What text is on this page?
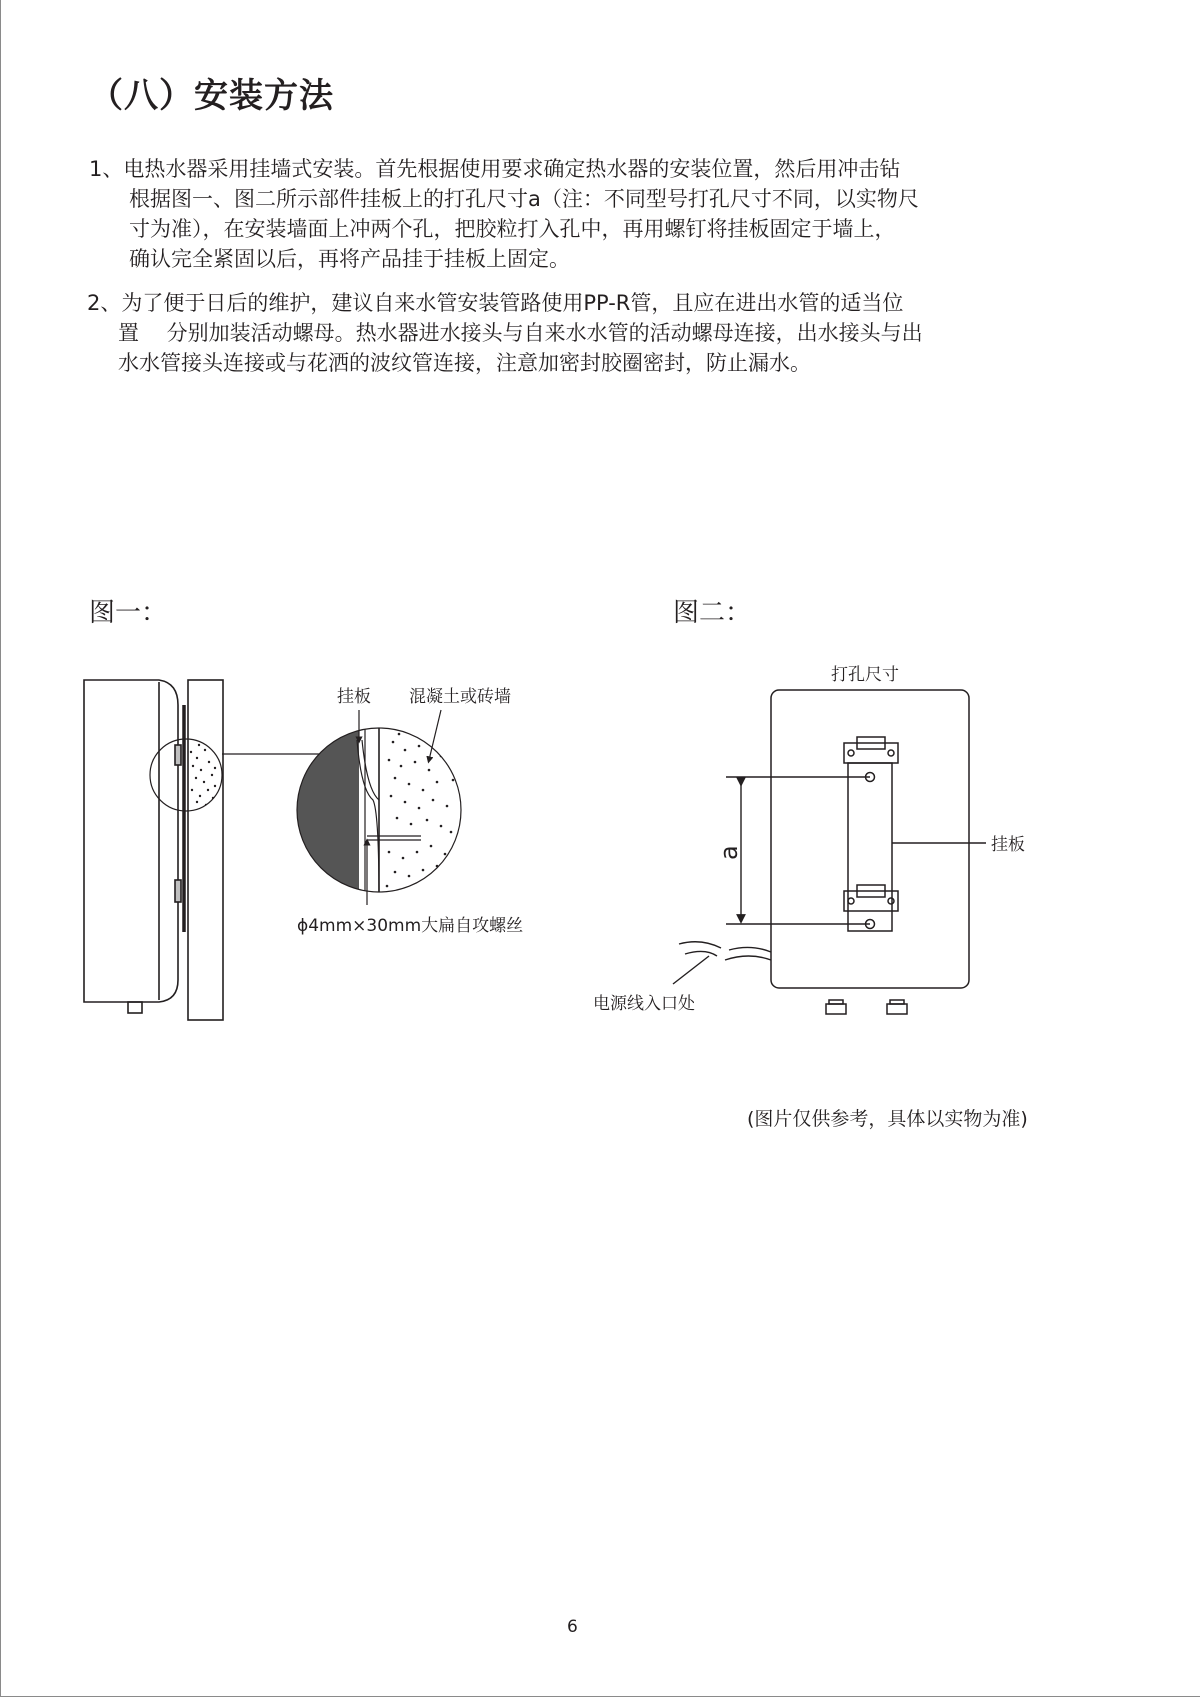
（八）安装方法
1、电热水器采用挂墙式安装。首先根据使用要求确定热水器的安装位置，然后用冲击钻
根据图一、图二所示部件挂板上的打孔尺寸a（注：不同型号打孔尺寸不同，以实物尺
寸为准），在安装墙面上冲两个孔，把胶粒打入孔中，再用螺钉将挂板固定于墙上，
确认完全紧固以后，再将产品挂于挂板上固定。
2、为了便于日后的维护，建议自来水管安装管路使用PP-R管，且应在进出水管的适当位
置　 分别加装活动螺母。热水器进水接头与自来水水管的活动螺母连接，出水接头与出
水水管接头连接或与花洒的波纹管连接，注意加密封胶圈密封，防止漏水。
图一：	图二：
挂板 混凝土或砖墙
ϕ4mm×30mm大扁自攻螺丝
打孔尺寸
a	挂板
电源线入口处
(图片仅供参考，具体以实物为准)
6
